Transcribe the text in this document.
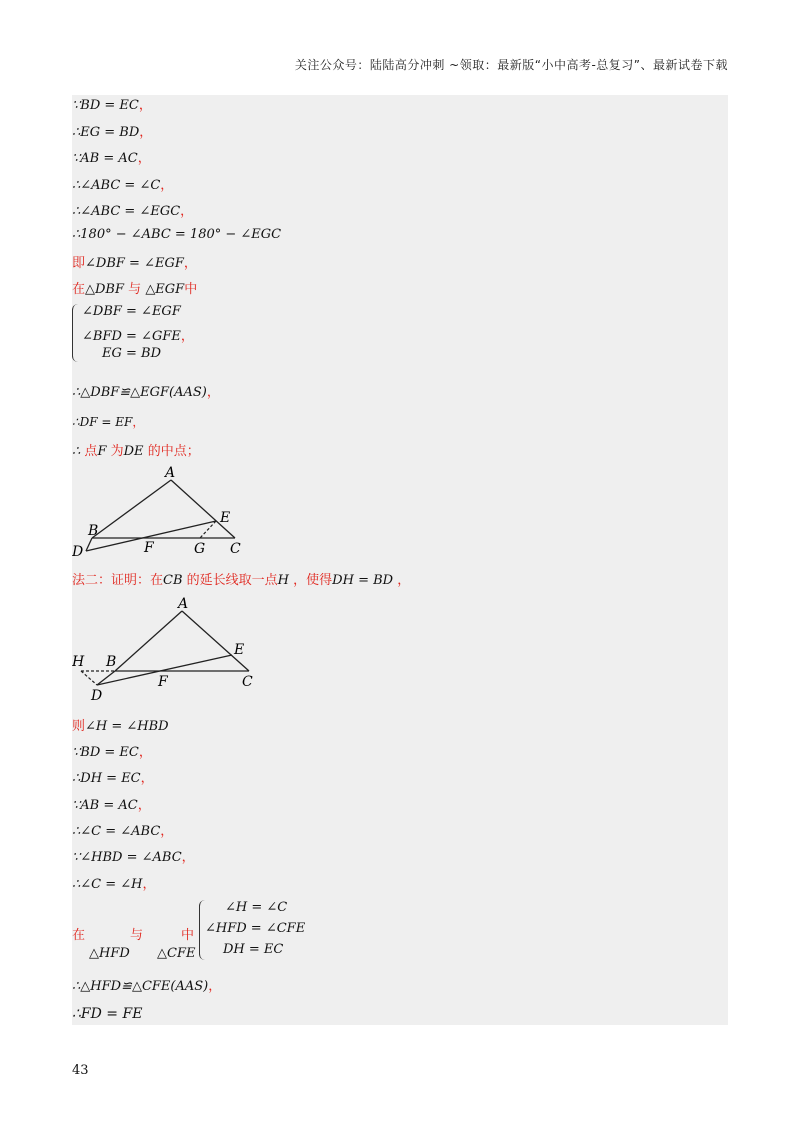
关注公众号：陆陆高分冲刺 ~领取：最新版“小中高考-总复习”、最新试卷下载
∵BD = EC，
∴EG = BD，
∵AB = AC，
∴∠ABC = ∠C，
∴∠ABC = ∠EGC，
∴180° − ∠ABC = 180° − ∠EGC
即∠DBF = ∠EGF，
在△DBF 与 △EGF中
∠DBF = ∠EGF
∠BFD = ∠GFE，
EG = BD
∴△DBF≌△EGF(AAS)，
∴DF = EF，
∴ 点F 为DE 的中点；
A
B
C
D
E
F	G
法二：证明：在CB 的延长线取一点H ，使得DH = BD ，
A
B
C
D
E
F
H
则∠H = ∠HBD
∵BD = EC，
∴DH = EC，
∵AB = AC，
∴∠C = ∠ABC，
∵∠HBD = ∠ABC，
∴∠C = ∠H，
在	与	中
△HFD △CFE
∠H = ∠C
∠HFD = ∠CFE
DH = EC
∴△HFD≌△CFE(AAS)，
∴FD = FE
43
